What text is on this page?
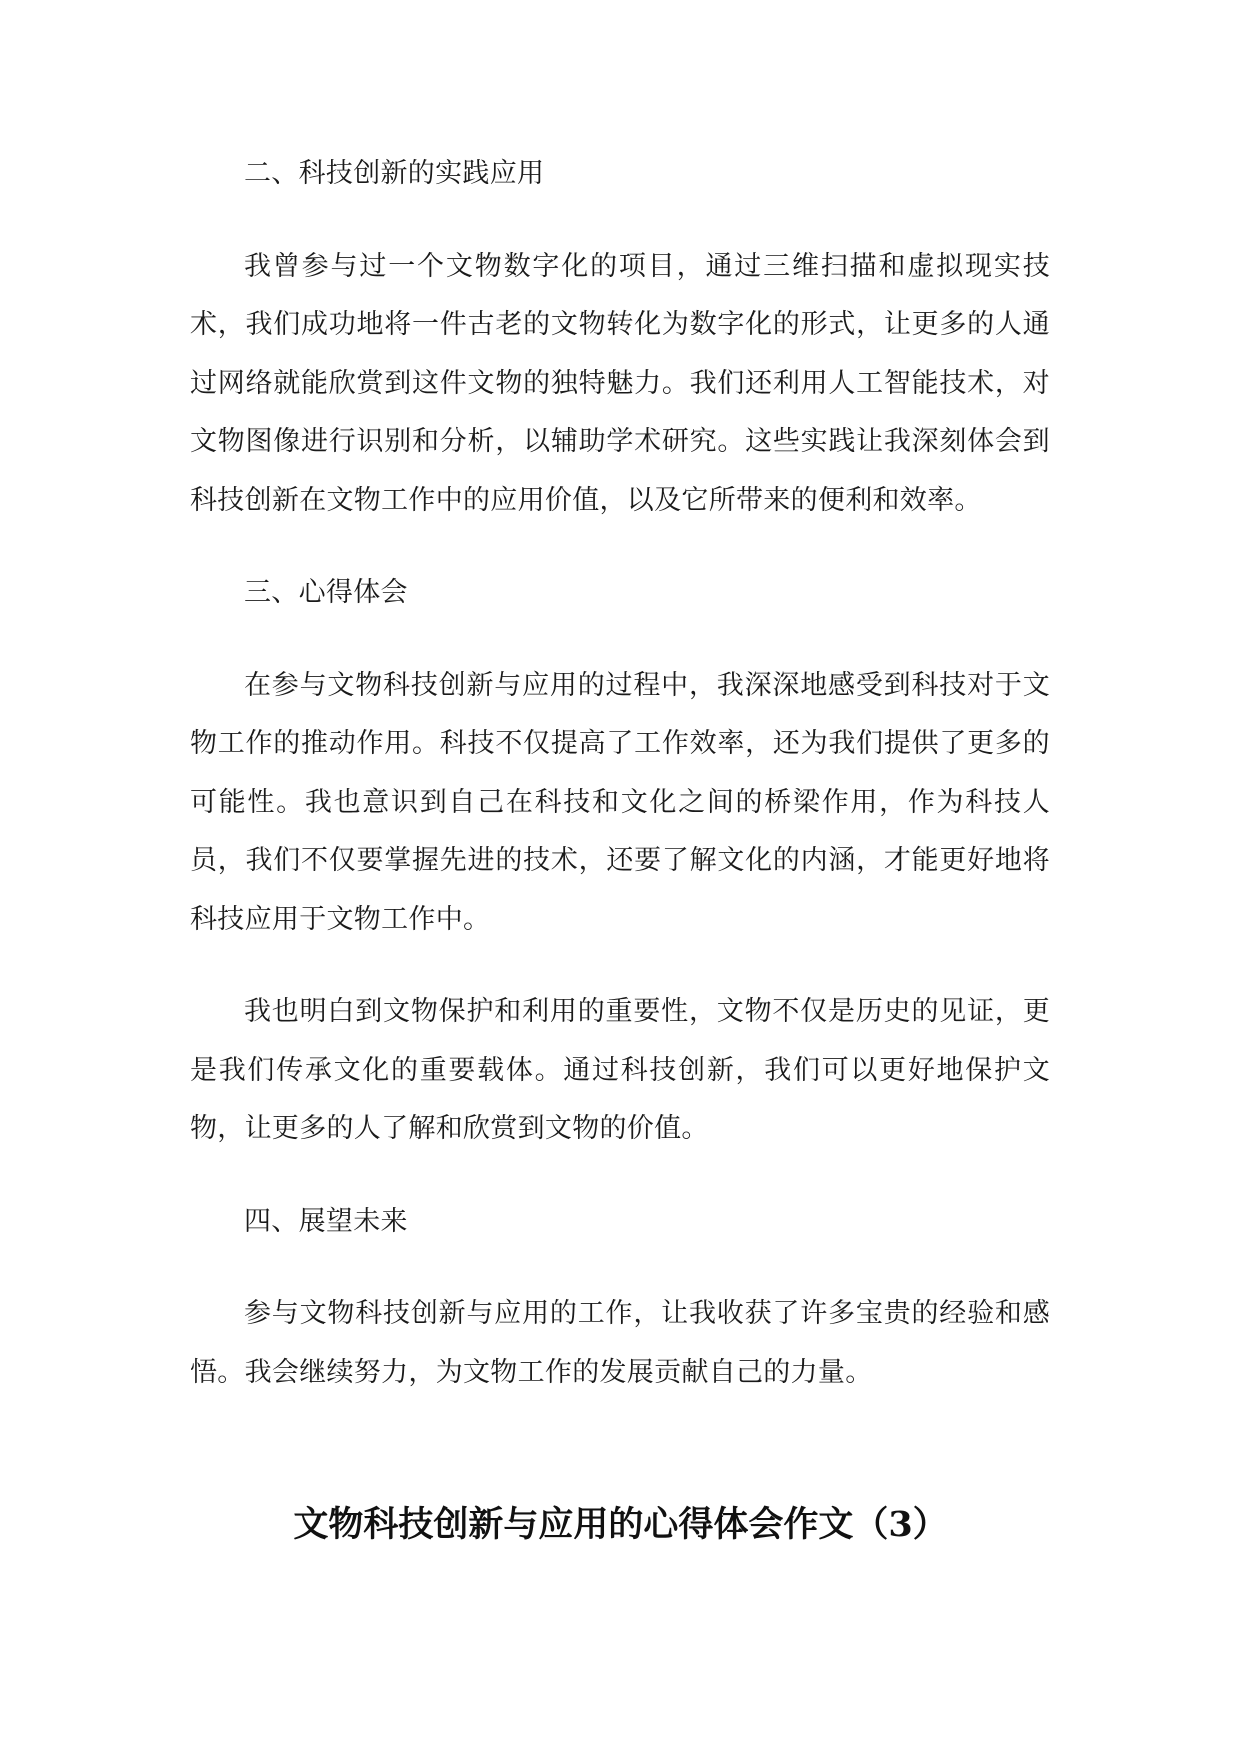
二、科技创新的实践应用

我曾参与过一个文物数字化的项目，通过三维扫描和虚拟现实技术，我们成功地将一件古老的文物转化为数字化的形式，让更多的人通过网络就能欣赏到这件文物的独特魅力。我们还利用人工智能技术，对文物图像进行识别和分析，以辅助学术研究。这些实践让我深刻体会到科技创新在文物工作中的应用价值，以及它所带来的便利和效率。

三、心得体会

在参与文物科技创新与应用的过程中，我深深地感受到科技对于文物工作的推动作用。科技不仅提高了工作效率，还为我们提供了更多的可能性。我也意识到自己在科技和文化之间的桥梁作用，作为科技人员，我们不仅要掌握先进的技术，还要了解文化的内涵，才能更好地将科技应用于文物工作中。

我也明白到文物保护和利用的重要性，文物不仅是历史的见证，更是我们传承文化的重要载体。通过科技创新，我们可以更好地保护文物，让更多的人了解和欣赏到文物的价值。

四、展望未来

参与文物科技创新与应用的工作，让我收获了许多宝贵的经验和感悟。我会继续努力，为文物工作的发展贡献自己的力量。

文物科技创新与应用的心得体会作文（3）
